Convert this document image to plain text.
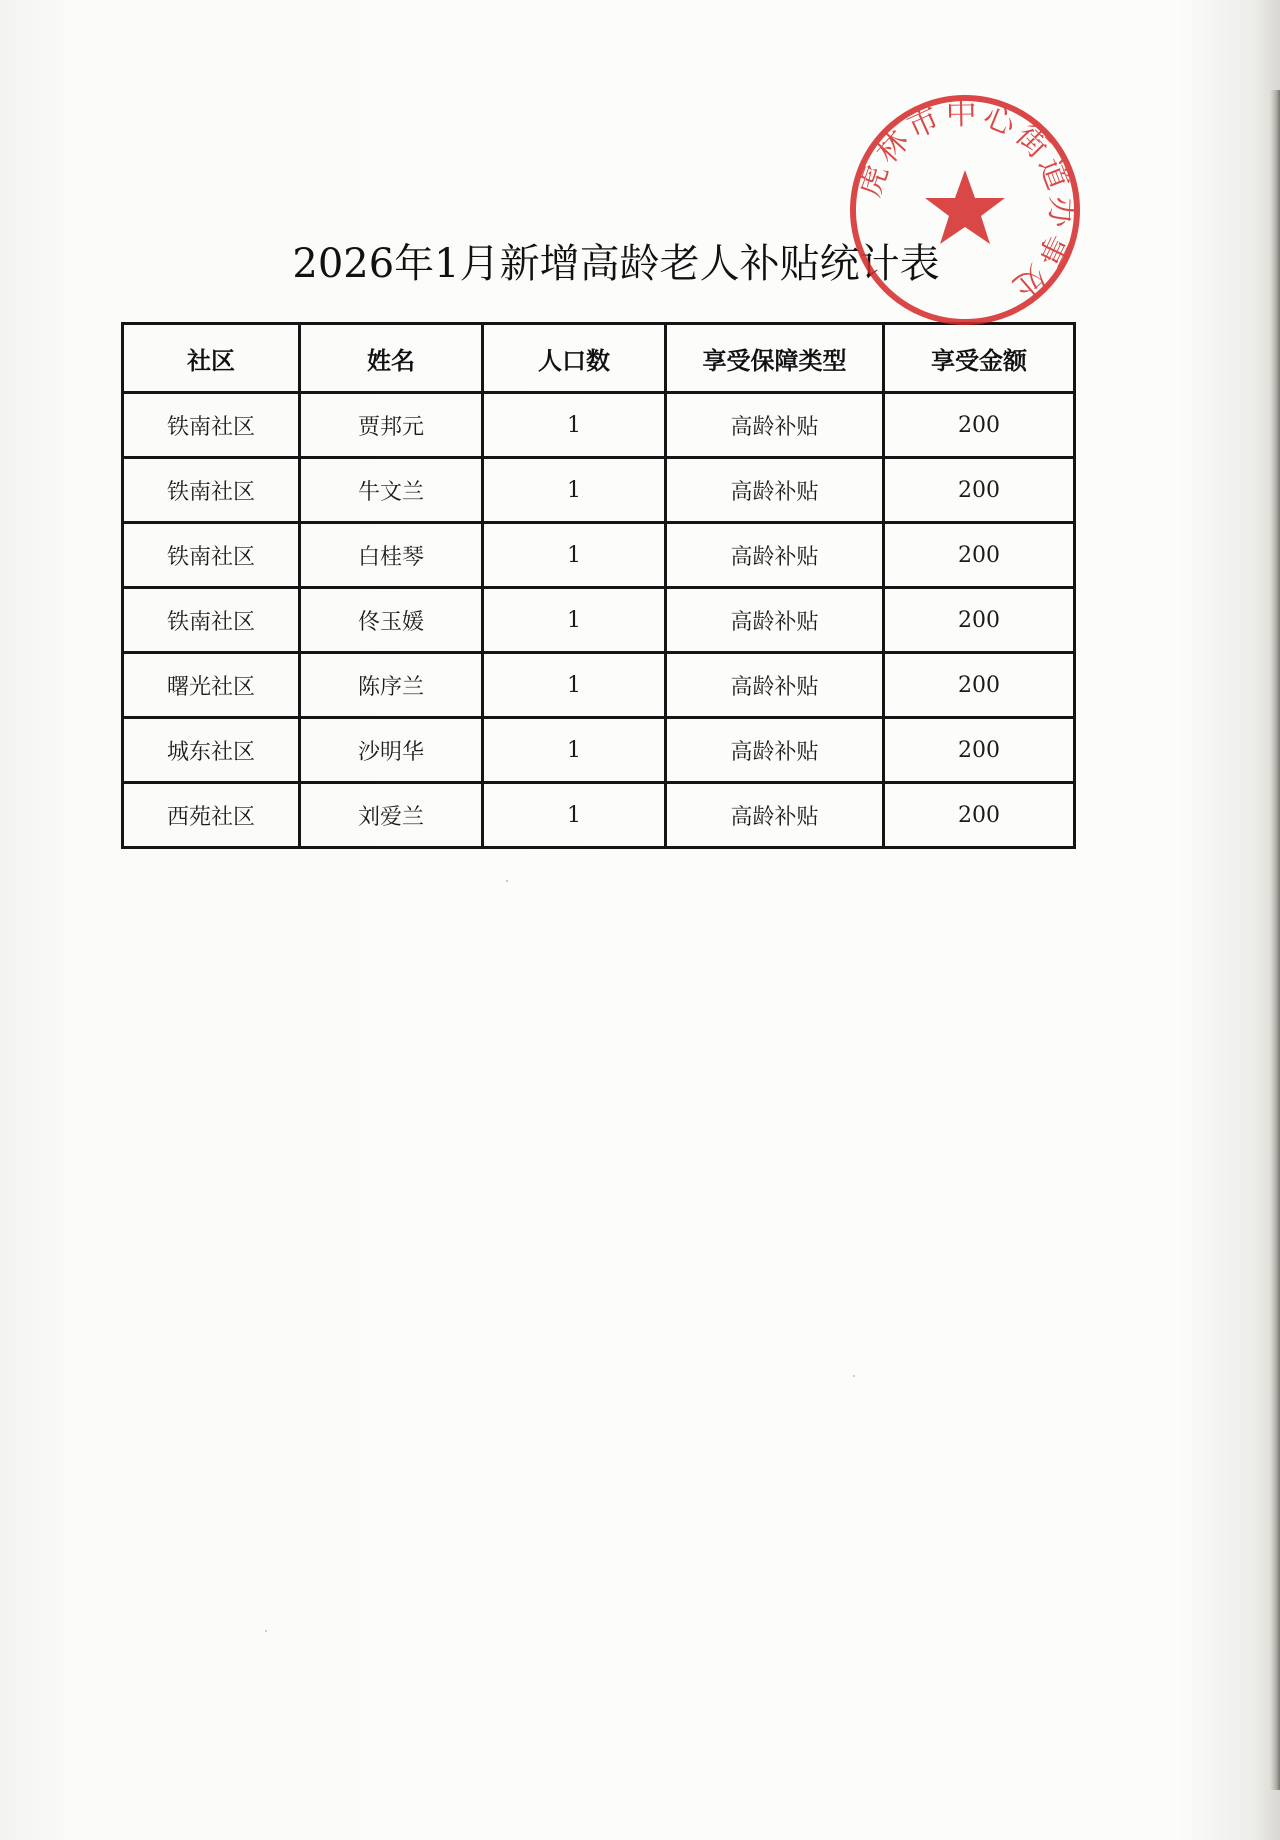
2026年1月新增高龄老人补贴统计表
社区	姓名	人口数	享受保障类型	享受金额
铁南社区	贾邦元	1	高龄补贴	200
铁南社区	牛文兰	1	高龄补贴	200
铁南社区	白桂琴	1	高龄补贴	200
铁南社区	佟玉媛	1	高龄补贴	200
曙光社区	陈序兰	1	高龄补贴	200
城东社区	沙明华	1	高龄补贴	200
西苑社区	刘爱兰	1	高龄补贴	200
虎林市中心街道办事处
